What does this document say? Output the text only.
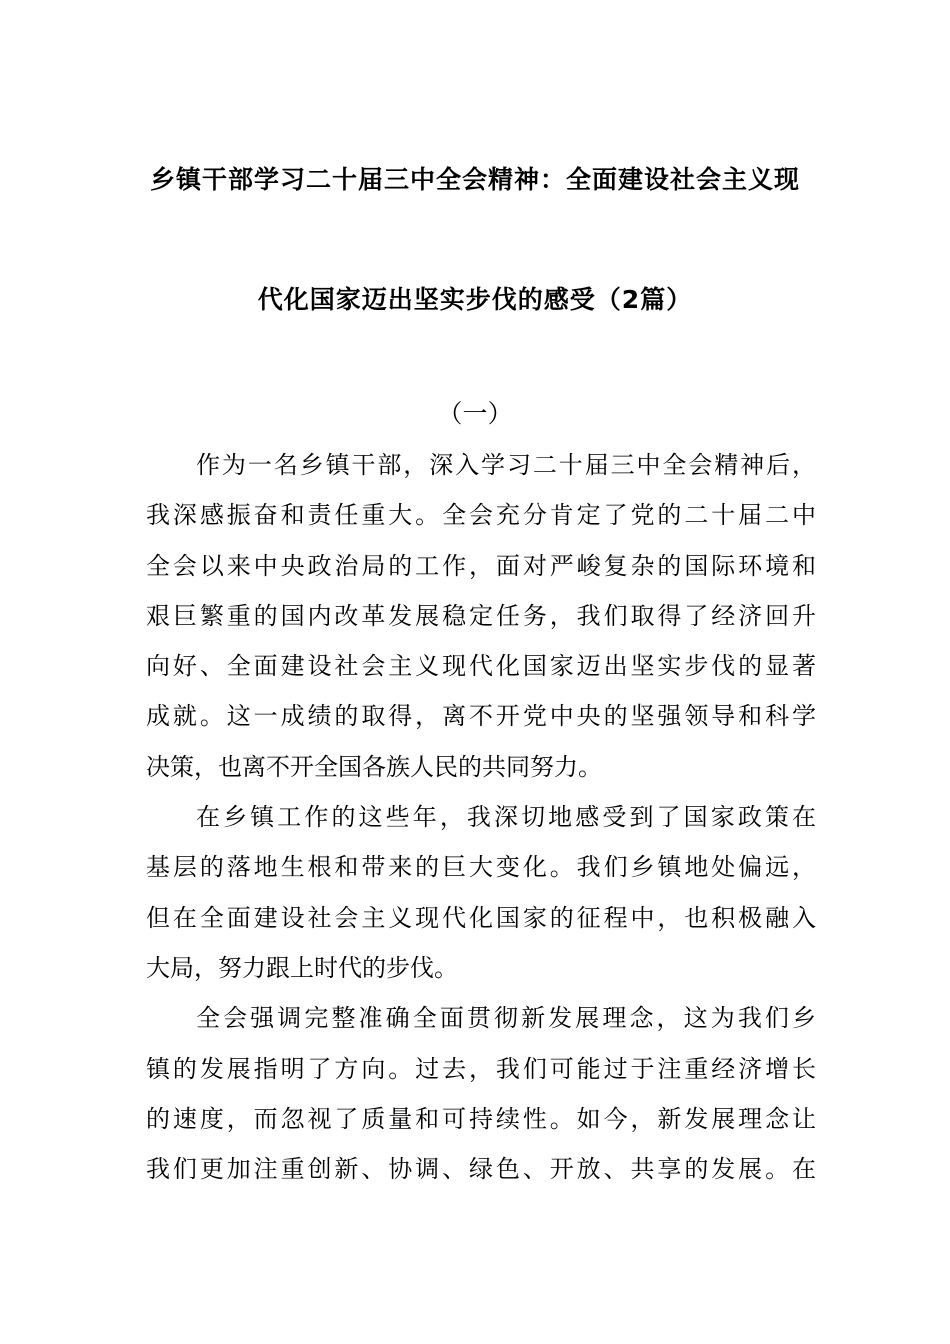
乡镇干部学习二十届三中全会精神：全面建设社会主义现
代化国家迈出坚实步伐的感受（2篇）
（一）
作为一名乡镇干部，深入学习二十届三中全会精神后，
我深感振奋和责任重大。全会充分肯定了党的二十届二中
全会以来中央政治局的工作，面对严峻复杂的国际环境和
艰巨繁重的国内改革发展稳定任务，我们取得了经济回升
向好、全面建设社会主义现代化国家迈出坚实步伐的显著
成就。这一成绩的取得，离不开党中央的坚强领导和科学
决策，也离不开全国各族人民的共同努力。
在乡镇工作的这些年，我深切地感受到了国家政策在
基层的落地生根和带来的巨大变化。我们乡镇地处偏远，
但在全面建设社会主义现代化国家的征程中，也积极融入
大局，努力跟上时代的步伐。
全会强调完整准确全面贯彻新发展理念，这为我们乡
镇的发展指明了方向。过去，我们可能过于注重经济增长
的速度，而忽视了质量和可持续性。如今，新发展理念让
我们更加注重创新、协调、绿色、开放、共享的发展。在
